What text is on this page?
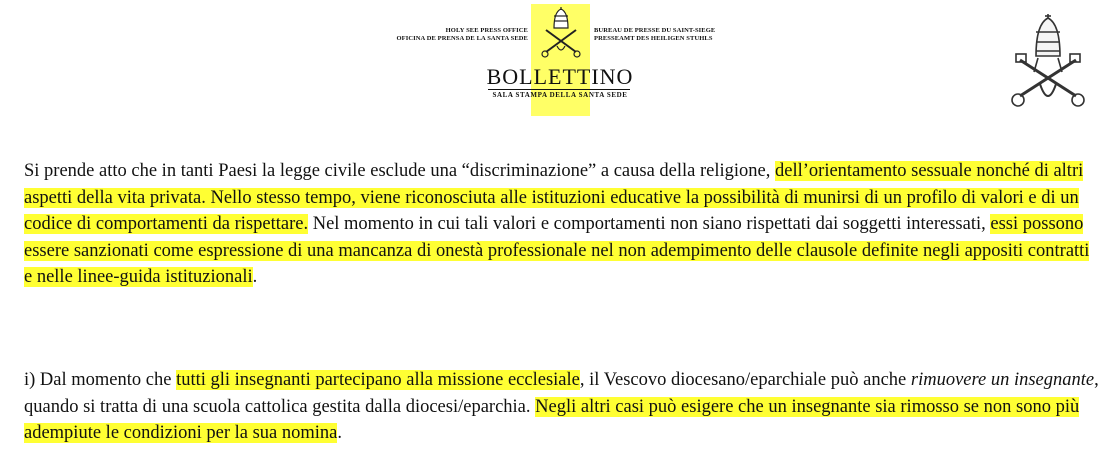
HOLY SEE PRESS OFFICE
OFICINA DE PRENSA DE LA SANTA SEDE
BUREAU DE PRESSE DU SAINT-SIEGE
PRESSEAMT DES HEILIGEN STUHLS
BOLLETTINO
SALA STAMPA DELLA SANTA SEDE
Si prende atto che in tanti Paesi la legge civile esclude una “discriminazione” a causa della religione, dell’orientamento sessuale nonché di altri aspetti della vita privata. Nello stesso tempo, viene riconosciuta alle istituzioni educative la possibilità di munirsi di un profilo di valori e di un codice di comportamenti da rispettare. Nel momento in cui tali valori e comportamenti non siano rispettati dai soggetti interessati, essi possono essere sanzionati come espressione di una mancanza di onestà professionale nel non adempimento delle clausole definite negli appositi contratti e nelle linee-guida istituzionali.
i) Dal momento che tutti gli insegnanti partecipano alla missione ecclesiale, il Vescovo diocesano/eparchiale può anche rimuovere un insegnante, quando si tratta di una scuola cattolica gestita dalla diocesi/eparchia. Negli altri casi può esigere che un insegnante sia rimosso se non sono più adempiute le condizioni per la sua nomina.
